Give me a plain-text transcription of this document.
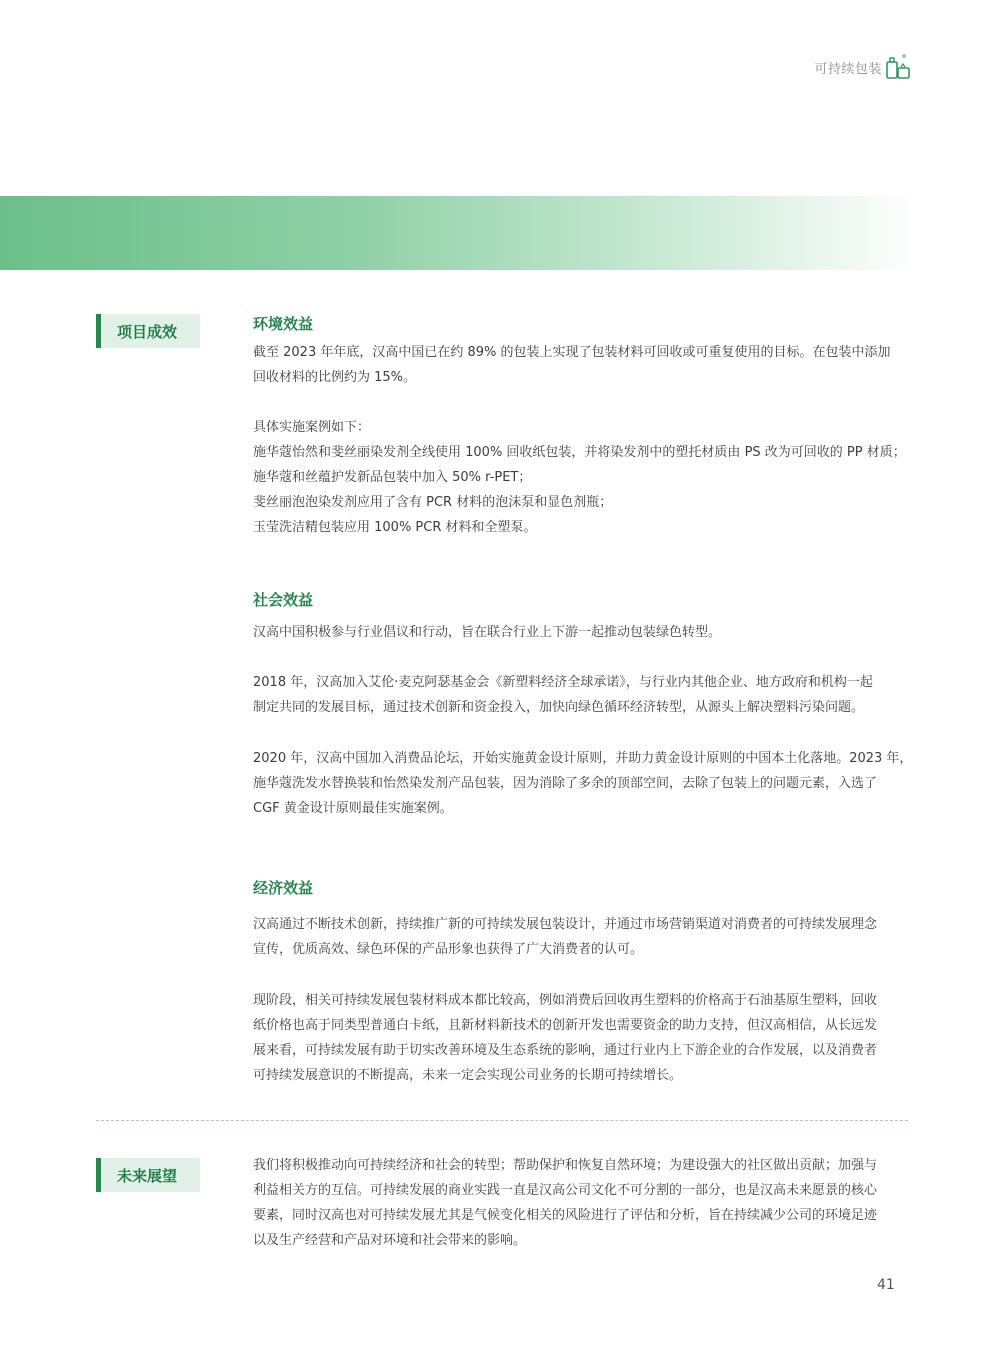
可持续包装
项目成效
未来展望
环境效益

截至 2023 年年底，汉高中国已在约 89% 的包装上实现了包装材料可回收或可重复使用的目标。在包装中添加
回收材料的比例约为 15%。

具体实施案例如下：
施华蔻怡然和斐丝丽染发剂全线使用 100% 回收纸包装，并将染发剂中的塑托材质由 PS 改为可回收的 PP 材质；
施华蔻和丝蕴护发新品包装中加入 50% r-PET；
斐丝丽泡泡染发剂应用了含有 PCR 材料的泡沫泵和显色剂瓶；
玉莹洗洁精包装应用 100% PCR 材料和全塑泵。

社会效益

汉高中国积极参与行业倡议和行动，旨在联合行业上下游一起推动包装绿色转型。

2018 年，汉高加入艾伦·麦克阿瑟基金会《新塑料经济全球承诺》，与行业内其他企业、地方政府和机构一起
制定共同的发展目标，通过技术创新和资金投入，加快向绿色循环经济转型，从源头上解决塑料污染问题。

2020 年，汉高中国加入消费品论坛，开始实施黄金设计原则，并助力黄金设计原则的中国本土化落地。2023 年，
施华蔻洗发水替换装和怡然染发剂产品包装，因为消除了多余的顶部空间，去除了包装上的问题元素，入选了
CGF 黄金设计原则最佳实施案例。

经济效益

汉高通过不断技术创新，持续推广新的可持续发展包装设计，并通过市场营销渠道对消费者的可持续发展理念
宣传，优质高效、绿色环保的产品形象也获得了广大消费者的认可。

现阶段，相关可持续发展包装材料成本都比较高，例如消费后回收再生塑料的价格高于石油基原生塑料，回收
纸价格也高于同类型普通白卡纸，且新材料新技术的创新开发也需要资金的助力支持，但汉高相信，从长远发
展来看，可持续发展有助于切实改善环境及生态系统的影响，通过行业内上下游企业的合作发展，以及消费者
可持续发展意识的不断提高，未来一定会实现公司业务的长期可持续增长。

我们将积极推动向可持续经济和社会的转型；帮助保护和恢复自然环境；为建设强大的社区做出贡献；加强与
利益相关方的互信。可持续发展的商业实践一直是汉高公司文化不可分割的一部分，也是汉高未来愿景的核心
要素，同时汉高也对可持续发展尤其是气候变化相关的风险进行了评估和分析，旨在持续减少公司的环境足迹
以及生产经营和产品对环境和社会带来的影响。

41
